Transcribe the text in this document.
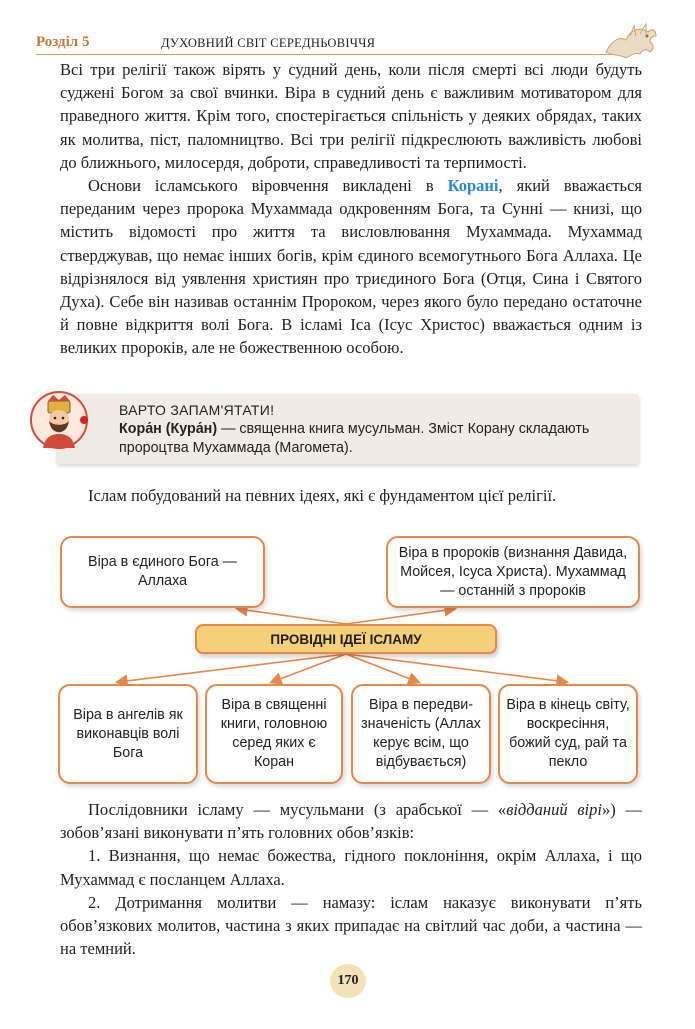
Розділ 5	ДУХОВНИЙ СВІТ СЕРЕДНЬОВІЧЧЯ

Всі три релігії також вірять у судний день, коли після смерті всі люди будуть суджені Богом за свої вчинки. Віра в судний день є важливим мотиватором для праведного життя. Крім того, спостерігається спільність у деяких обрядах, таких як молитва, піст, паломництво. Всі три релігії підкреслюють важливість любові до ближнього, милосердя, доброти, справедливості та терпимості.

Основи ісламського віровчення викладені в Корані, який вважається переданим через пророка Мухаммада одкровенням Бога, та Сунні — книзі, що містить відомості про життя та висловлювання Мухаммада. Мухаммад стверджував, що немає інших богів, крім єдиного всемогутнього Бога Аллаха. Це відрізнялося від уявлення християн про триєдиного Бога (Отця, Сина і Святого Духа). Себе він називав останнім Пророком, через якого було передано остаточне й повне відкриття волі Бога. В ісламі Іса (Ісус Христос) вважається одним із великих пророків, але не божественною особою.

ВАРТО ЗАПАМ'ЯТАТИ!
Кора́н (Кура́н) — священна книга мусульман. Зміст Корану складають пророцтва Мухаммада (Магомета).

Іслам побудований на певних ідеях, які є фундаментом цієї релігії.

Віра в єдиного Бога — Аллаха
Віра в пророків (визнання Давида, Мойсея, Ісуса Христа). Мухаммад — останній з пророків
ПРОВІДНІ ІДЕЇ ІСЛАМУ
Віра в ангелів як виконавців волі Бога
Віра в священні книги, головною серед яких є Коран
Віра в передвизначеність (Аллах керує всім, що відбувається)
Віра в кінець світу, воскресіння, божий суд, рай та пекло

Послідовники ісламу — мусульмани (з арабської — «відданий вірі») — зобов’язані виконувати п’ять головних обов’язків:

1. Визнання, що немає божества, гідного поклоніння, окрім Аллаха, і що Мухаммад є посланцем Аллаха.

2. Дотримання молитви — намазу: іслам наказує виконувати п’ять обов’язкових молитов, частина з яких припадає на світлий час доби, а частина — на темний.

170
